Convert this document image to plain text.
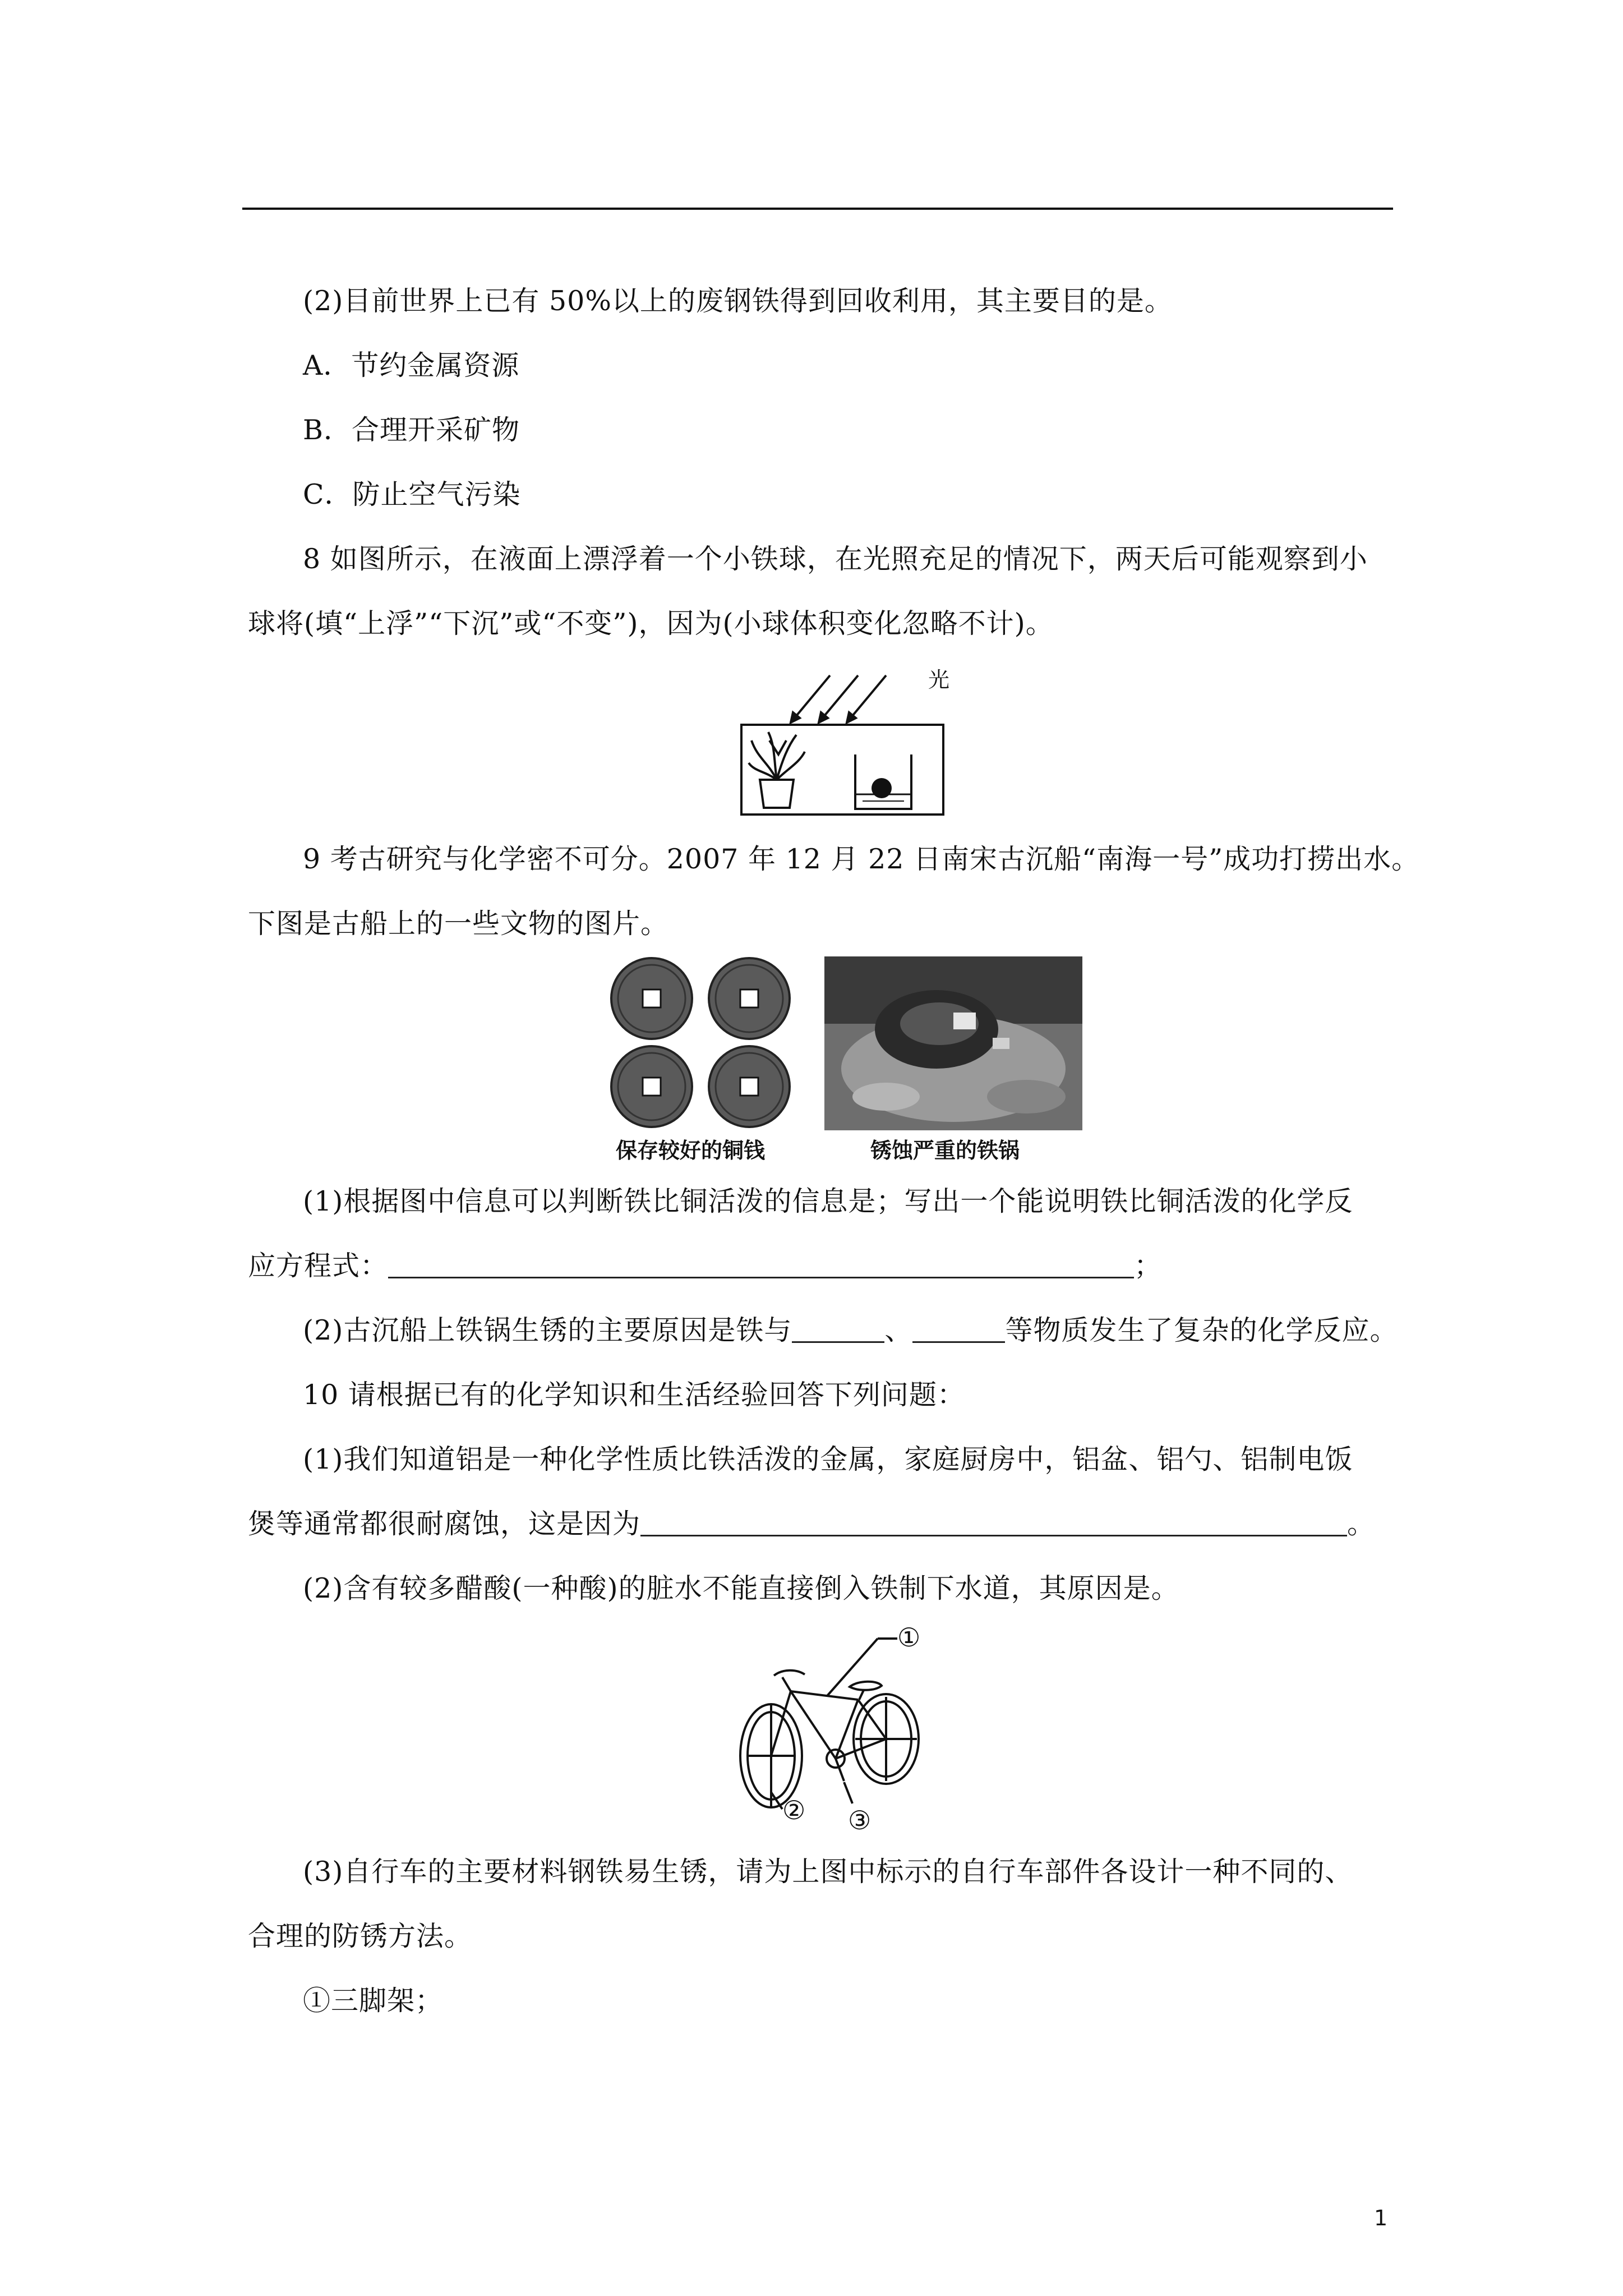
(2)目前世界上已有 50%以上的废钢铁得到回收利用，其主要目的是。
A．节约金属资源
B．合理开采矿物
C．防止空气污染
8 如图所示，在液面上漂浮着一个小铁球，在光照充足的情况下，两天后可能观察到小
球将(填“上浮”“下沉”或“不变”)，因为(小球体积变化忽略不计)。
光
9 考古研究与化学密不可分。2007 年 12 月 22 日南宋古沉船“南海一号”成功打捞出水。
下图是古船上的一些文物的图片。
保存较好的铜钱	锈蚀严重的铁锅
(1)根据图中信息可以判断铁比铜活泼的信息是；写出一个能说明铁比铜活泼的化学反
应方程式：	；
(2)古沉船上铁锅生锈的主要原因是铁与	、	等物质发生了复杂的化学反应。
10 请根据已有的化学知识和生活经验回答下列问题：
(1)我们知道铝是一种化学性质比铁活泼的金属，家庭厨房中，铝盆、铝勺、铝制电饭
煲等通常都很耐腐蚀，这是因为	。
(2)含有较多醋酸(一种酸)的脏水不能直接倒入铁制下水道，其原因是。
①
② ③
(3)自行车的主要材料钢铁易生锈，请为上图中标示的自行车部件各设计一种不同的、
合理的防锈方法。
①三脚架；
1
